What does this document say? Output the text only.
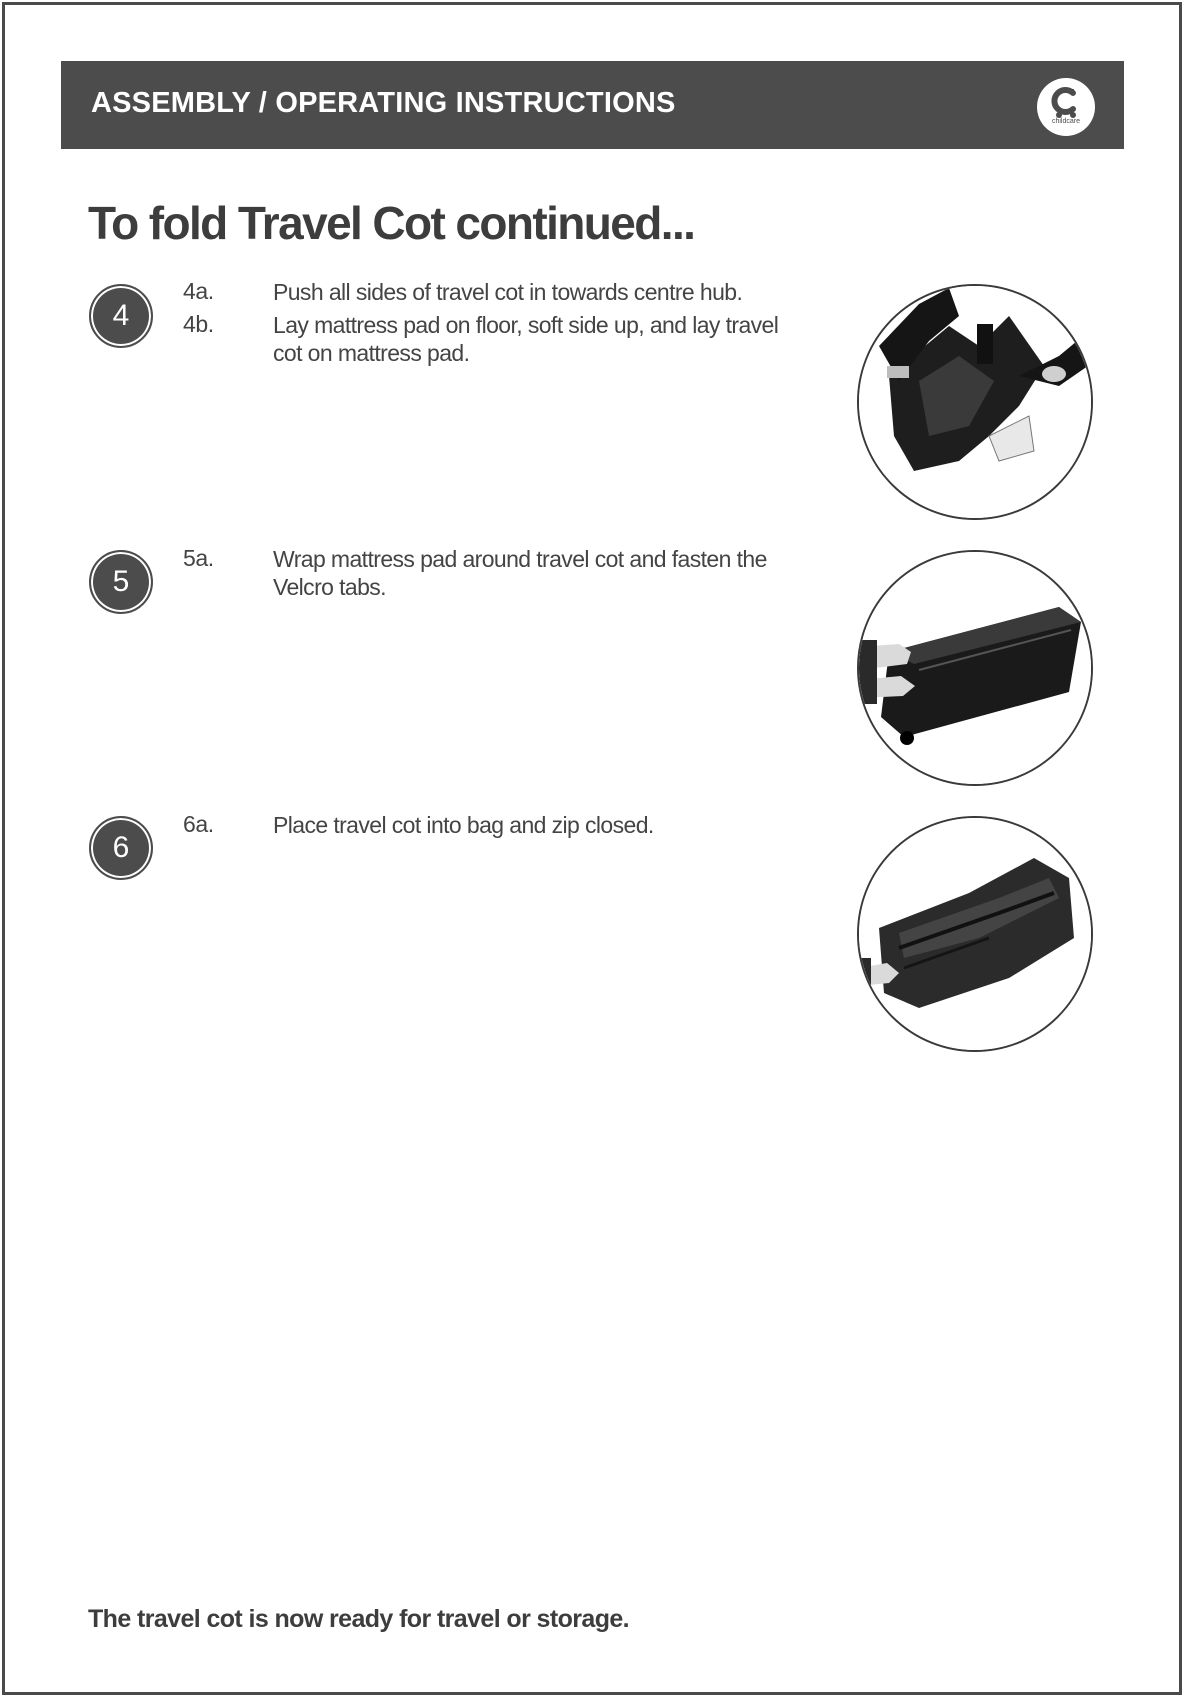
ASSEMBLY / OPERATING INSTRUCTIONS
childcare
To fold Travel Cot continued...
4
4a.	Push all sides of travel cot in towards centre hub.
4b.	Lay mattress pad on floor, soft side up, and lay travel cot on mattress pad.
5
5a.	Wrap mattress pad around travel cot and fasten the Velcro tabs.
6
6a.	Place travel cot into bag and zip closed.
The travel cot is now ready for travel or storage.
